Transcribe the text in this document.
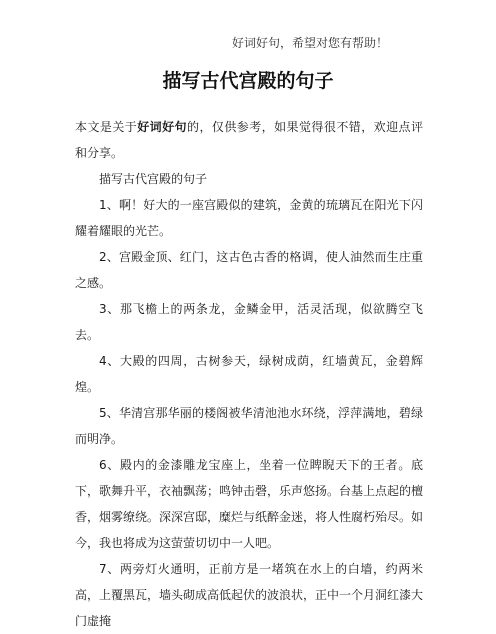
好词好句，希望对您有帮助！
描写古代宫殿的句子

本文是关于好词好句的，仅供参考，如果觉得很不错，欢迎点评和分享。

描写古代宫殿的句子

1、啊！好大的一座宫殿似的建筑，金黄的琉璃瓦在阳光下闪耀着耀眼的光芒。

2、宫殿金顶、红门，这古色古香的格调，使人油然而生庄重之感。

3、那飞檐上的两条龙，金鳞金甲，活灵活现，似欲腾空飞去。

4、大殿的四周，古树参天，绿树成荫，红墙黄瓦，金碧辉煌。

5、华清宫那华丽的楼阁被华清池池水环绕，浮萍满地，碧绿而明净。

6、殿内的金漆雕龙宝座上，坐着一位睥睨天下的王者。底下，歌舞升平，衣袖飘荡；鸣钟击磬，乐声悠扬。台基上点起的檀香，烟雾缭绕。深深宫邸，糜烂与纸醉金迷，将人性腐朽殆尽。如今，我也将成为这萤萤切切中一人吧。

7、两旁灯火通明，正前方是一堵筑在水上的白墙，约两米高，上覆黑瓦，墙头砌成高低起伏的波浪状，正中一个月洞红漆大门虚掩
